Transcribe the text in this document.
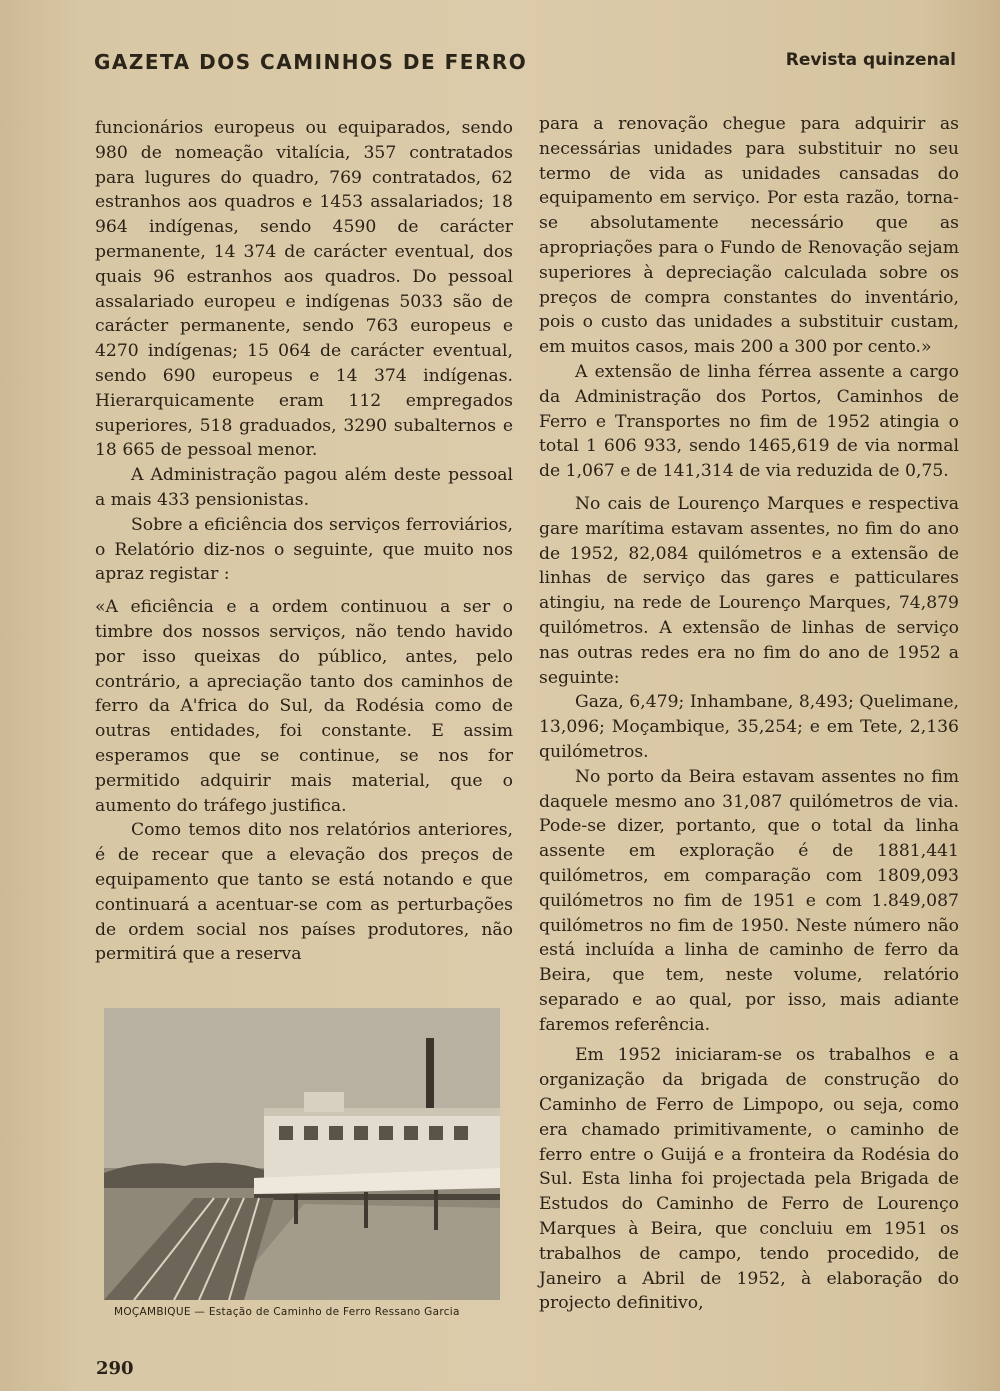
GAZETA DOS CAMINHOS DE FERRO	Revista quinzenal

funcionários europeus ou equiparados, sendo 980 de nomeação vitalícia, 357 contratados para lugures do quadro, 769 contratados, 62 estranhos aos quadros e 1453 assalariados; 18 964 indígenas, sendo 4590 de carácter permanente, 14 374 de carácter eventual, dos quais 96 estranhos aos quadros. Do pessoal assalariado europeu e indígenas 5033 são de carácter permanente, sendo 763 europeus e 4270 indígenas; 15 064 de carácter eventual, sendo 690 europeus e 14 374 indígenas. Hierarquicamente eram 112 empregados superiores, 518 graduados, 3290 subalternos e 18 665 de pessoal menor.

A Administração pagou além deste pessoal a mais 433 pensionistas.

Sobre a eficiência dos serviços ferroviários, o Relatório diz-nos o seguinte, que muito nos apraz registar :

«A eficiência e a ordem continuou a ser o timbre dos nossos serviços, não tendo havido por isso queixas do público, antes, pelo contrário, a apreciação tanto dos caminhos de ferro da A'frica do Sul, da Rodésia como de outras entidades, foi constante. E assim esperamos que se continue, se nos for permitido adquirir mais material, que o aumento do tráfego justifica.

Como temos dito nos relatórios anteriores, é de recear que a elevação dos preços de equipamento que tanto se está notando e que continuará a acentuar-se com as perturbações de ordem social nos países produtores, não permitirá que a reserva

para a renovação chegue para adquirir as necessárias unidades para substituir no seu termo de vida as unidades cansadas do equipamento em serviço. Por esta razão, torna-se absolutamente necessário que as apropriações para o Fundo de Renovação sejam superiores à depreciação calculada sobre os preços de compra constantes do inventário, pois o custo das unidades a substituir custam, em muitos casos, mais 200 a 300 por cento.»

A extensão de linha férrea assente a cargo da Administração dos Portos, Caminhos de Ferro e Transportes no fim de 1952 atingia o total 1 606 933, sendo 1465,619 de via normal de 1,067 e de 141,314 de via reduzida de 0,75.

No cais de Lourenço Marques e respectiva gare marítima estavam assentes, no fim do ano de 1952, 82,084 quilómetros e a extensão de linhas de serviço das gares e patticulares atingiu, na rede de Lourenço Marques, 74,879 quilómetros. A extensão de linhas de serviço nas outras redes era no fim do ano de 1952 a seguinte:

Gaza, 6,479; Inhambane, 8,493; Quelimane, 13,096; Moçambique, 35,254; e em Tete, 2,136 quilómetros.

No porto da Beira estavam assentes no fim daquele mesmo ano 31,087 quilómetros de via. Pode-se dizer, portanto, que o total da linha assente em exploração é de 1881,441 quilómetros, em comparação com 1809,093 quilómetros no fim de 1951 e com 1.849,087 quilómetros no fim de 1950. Neste número não está incluída a linha de caminho de ferro da Beira, que tem, neste volume, relatório separado e ao qual, por isso, mais adiante faremos referência.

Em 1952 iniciaram-se os trabalhos e a organização da brigada de construção do Caminho de Ferro de Limpopo, ou seja, como era chamado primitivamente, o caminho de ferro entre o Guijá e a fronteira da Rodésia do Sul. Esta linha foi projectada pela Brigada de Estudos do Caminho de Ferro de Lourenço Marques à Beira, que concluiu em 1951 os trabalhos de campo, tendo procedido, de Janeiro a Abril de 1952, à elaboração do projecto definitivo,

MOÇAMBIQUE — Estação de Caminho de Ferro Ressano Garcia
290
